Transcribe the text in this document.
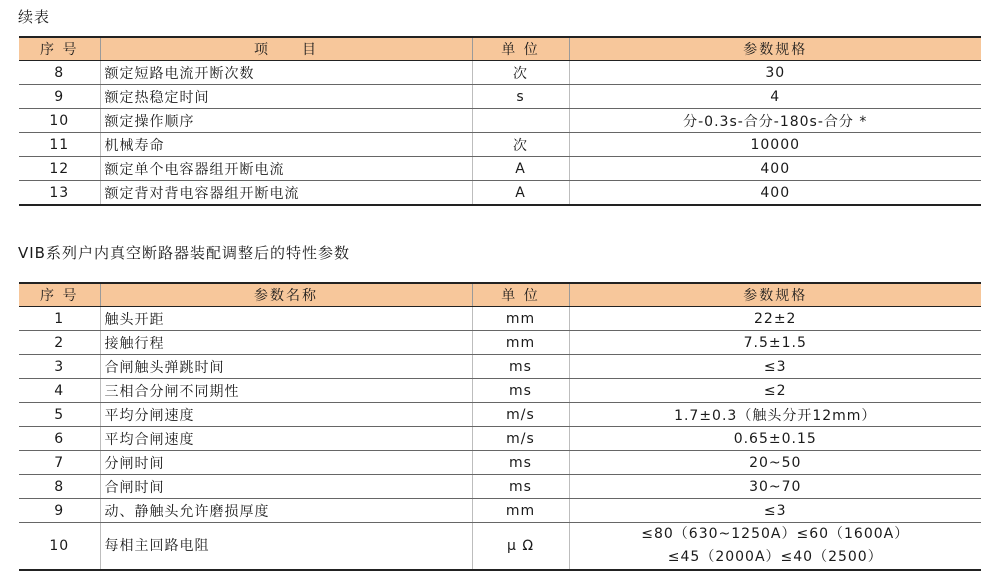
续表
序 号	项　　目	单 位	参数规格
8	额定短路电流开断次数	次	30
9	额定热稳定时间	s	4
10	额定操作顺序		分-0.3s-合分-180s-合分 *
11	机械寿命	次	10000
12	额定单个电容器组开断电流	A	400
13	额定背对背电容器组开断电流	A	400
VIB系列户内真空断路器装配调整后的特性参数
序 号	参数名称	单 位	参数规格
1	触头开距	mm	22±2
2	接触行程	mm	7.5±1.5
3	合闸触头弹跳时间	ms	≤3
4	三相合分闸不同期性	ms	≤2
5	平均分闸速度	m/s	1.7±0.3（触头分开12mm）
6	平均合闸速度	m/s	0.65±0.15
7	分闸时间	ms	20~50
8	合闸时间	ms	30~70
9	动、静触头允许磨损厚度	mm	≤3
10	每相主回路电阻	μ Ω	≤80（630~1250A）≤60（1600A）
≤45（2000A）≤40（2500）
